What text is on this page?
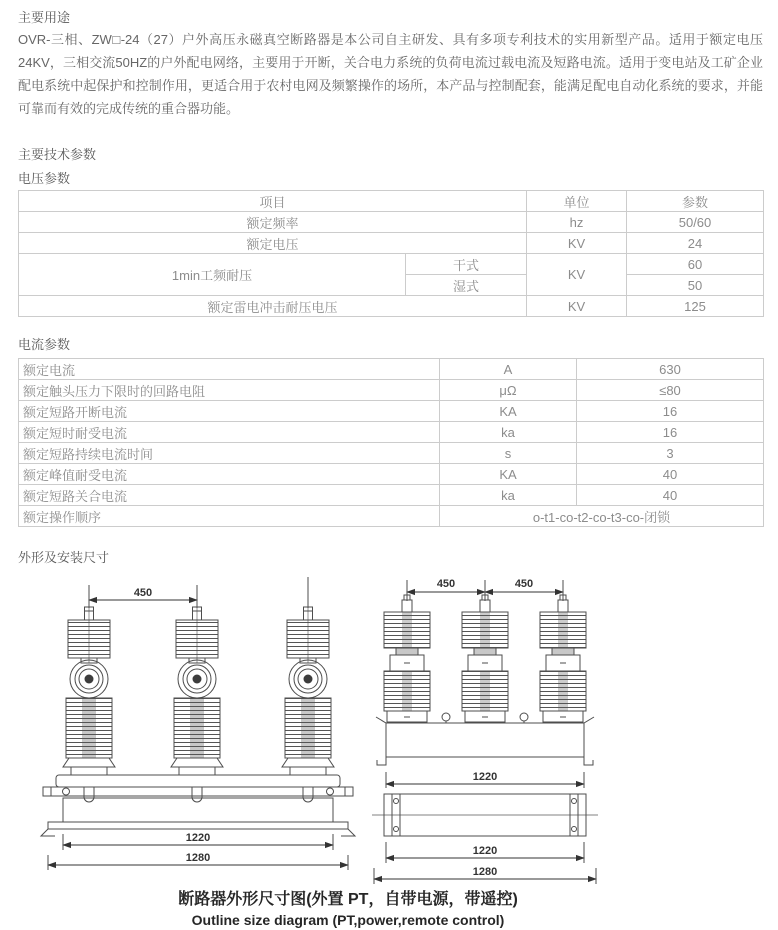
主要用途

OVR-三相、ZW□-24（27）户外高压永磁真空断路器是本公司自主研发、具有多项专利技术的实用新型产品。适用于额定电压24KV，三相交流50HZ的户外配电网络，主要用于开断，关合电力系统的负荷电流过载电流及短路电流。适用于变电站及工矿企业配电系统中起保护和控制作用，更适合用于农村电网及频繁操作的场所，本产品与控制配套，能满足配电自动化系统的要求，并能可靠而有效的完成传统的重合器功能。

主要技术参数
电压参数
项目		单位	参数
额定频率		hz	50/60
额定电压		KV	24
1min工频耐压	干式	KV	60
	湿式		50
额定雷电冲击耐压电压		KV	125
电流参数
额定电流	A	630
额定触头压力下限时的回路电阻	μΩ	≤80
额定短路开断电流	KA	16
额定短时耐受电流	ka	16
额定短路持续电流时间	s	3
额定峰值耐受电流	KA	40
额定短路关合电流	ka	40
额定操作顺序	o-t1-co-t2-co-t3-co-闭锁	
外形及安装尺寸
450
1220
1280
450	450
1220
1220
1280
断路器外形尺寸图(外置 PT，自带电源，带遥控)
Outline size diagram (PT,power,remote control)
